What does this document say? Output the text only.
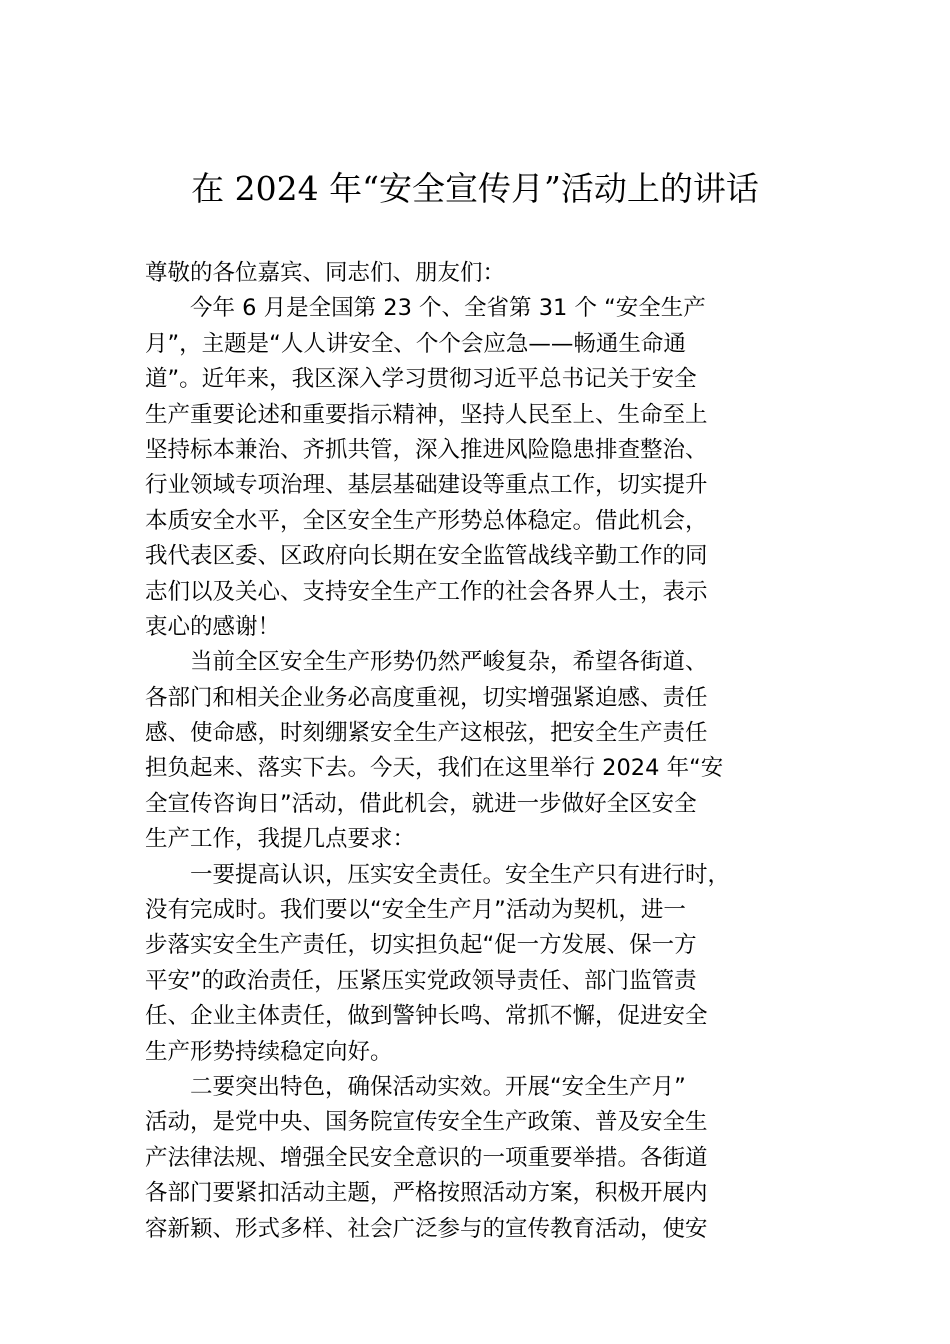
在 2024 年“安全宣传月”活动上的讲话
尊敬的各位嘉宾、同志们、朋友们：
　　今年 6 月是全国第 23 个、全省第 31 个 “安全生产
月”，主题是“人人讲安全、个个会应急——畅通生命通
道”。近年来，我区深入学习贯彻习近平总书记关于安全
生产重要论述和重要指示精神，坚持人民至上、生命至上
坚持标本兼治、齐抓共管，深入推进风险隐患排查整治、
行业领域专项治理、基层基础建设等重点工作，切实提升
本质安全水平，全区安全生产形势总体稳定。借此机会，
我代表区委、区政府向长期在安全监管战线辛勤工作的同
志们以及关心、支持安全生产工作的社会各界人士，表示
衷心的感谢！
　　当前全区安全生产形势仍然严峻复杂，希望各街道、
各部门和相关企业务必高度重视，切实增强紧迫感、责任
感、使命感，时刻绷紧安全生产这根弦，把安全生产责任
担负起来、落实下去。今天，我们在这里举行 2024 年“安
全宣传咨询日”活动，借此机会，就进一步做好全区安全
生产工作，我提几点要求：
　　一要提高认识，压实安全责任。安全生产只有进行时，
没有完成时。我们要以“安全生产月”活动为契机，进一
步落实安全生产责任，切实担负起“促一方发展、保一方
平安”的政治责任，压紧压实党政领导责任、部门监管责
任、企业主体责任，做到警钟长鸣、常抓不懈，促进安全
生产形势持续稳定向好。
　　二要突出特色，确保活动实效。开展“安全生产月”
活动，是党中央、国务院宣传安全生产政策、普及安全生
产法律法规、增强全民安全意识的一项重要举措。各街道
各部门要紧扣活动主题，严格按照活动方案，积极开展内
容新颖、形式多样、社会广泛参与的宣传教育活动，使安
